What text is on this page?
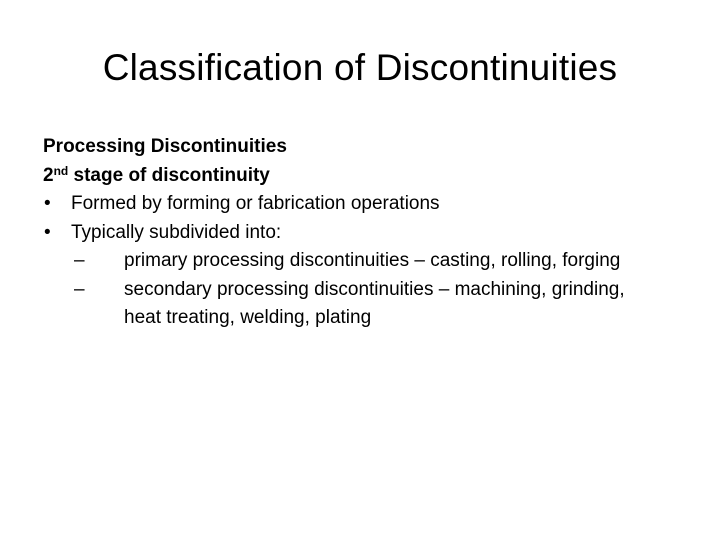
Classification of Discontinuities
Processing Discontinuities
2nd stage of discontinuity
• Formed by forming or fabrication operations
• Typically subdivided into:
– primary processing discontinuities – casting, rolling, forging
– secondary processing discontinuities – machining, grinding, heat treating, welding, plating
